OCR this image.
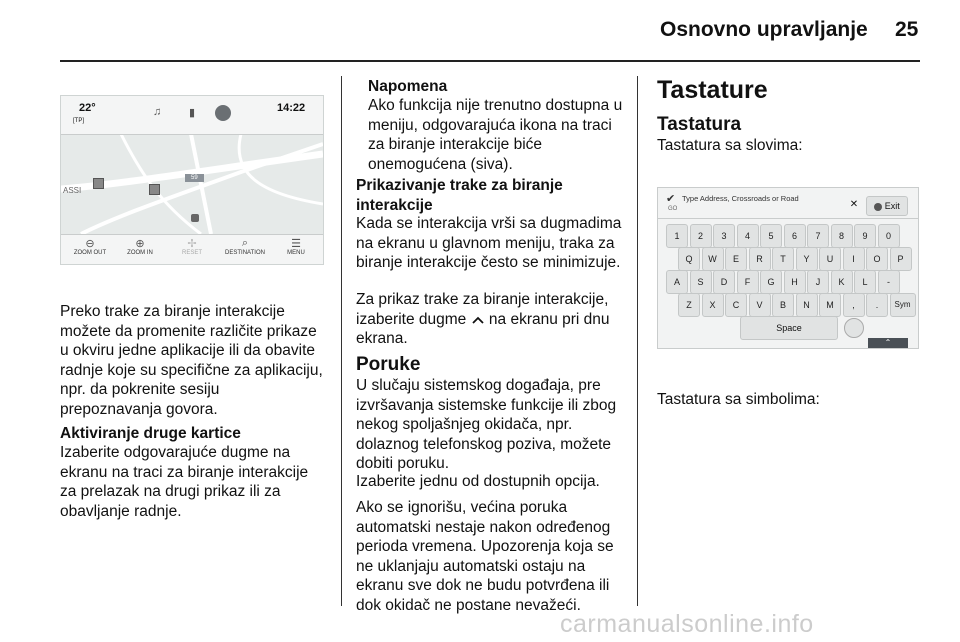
Osnovno upravljanje 25
22°
[TP]
♫	▮	14:22
ASSI
59
⊖
ZOOM OUT
⊕
ZOOM IN
✢
RESET
⌕
DESTINATION
☰
MENU
Preko trake za biranje interakcije možete da promenite različite prikaze u okviru jedne aplikacije ili da obavite radnje koje su specifične za aplikaciju, npr. da pokrenite sesiju prepoznavanja govora.
Aktiviranje druge kartice
Izaberite odgovarajuće dugme na ekranu na traci za biranje interakcije za prelazak na drugi prikaz ili za obavljanje radnje.
Napomena
Ako funkcija nije trenutno dostupna u meniju, odgovarajuća ikona na traci za biranje interakcije biće onemogućena (siva).
Prikazivanje trake za biranje interakcije
Kada se interakcija vrši sa dugmadima na ekranu u glavnom meniju, traka za biranje interakcije često se minimizuje.
Za prikaz trake za biranje interakcije, izaberite dugme  na ekranu pri dnu ekrana.
Poruke
U slučaju sistemskog događaja, pre izvršavanja sistemske funkcije ili zbog nekog spoljašnjeg okidača, npr. dolaznog telefonskog poziva, možete dobiti poruku.
Izaberite jednu od dostupnih opcija.
Ako se ignorišu, većina poruka automatski nestaje nakon određenog perioda vremena. Upozorenja koja se ne uklanjaju automatski ostaju na ekranu sve dok ne budu potvrđena ili dok okidač ne postane nevažeći.
Tastature
Tastatura
Tastatura sa slovima:
✔ Type Address, Crossroads or Road
GO	✕	Exit
1	2	3	4	5	6	7	8	9	0
Q	W	E	R	T	Y	U	I	O	P
A	S	D	F	G	H	J	K	L	-
Z	X	C	V	B	N	M	,	.	Sym
Space
⌃
Tastatura sa simbolima:
carmanualsonline.info
